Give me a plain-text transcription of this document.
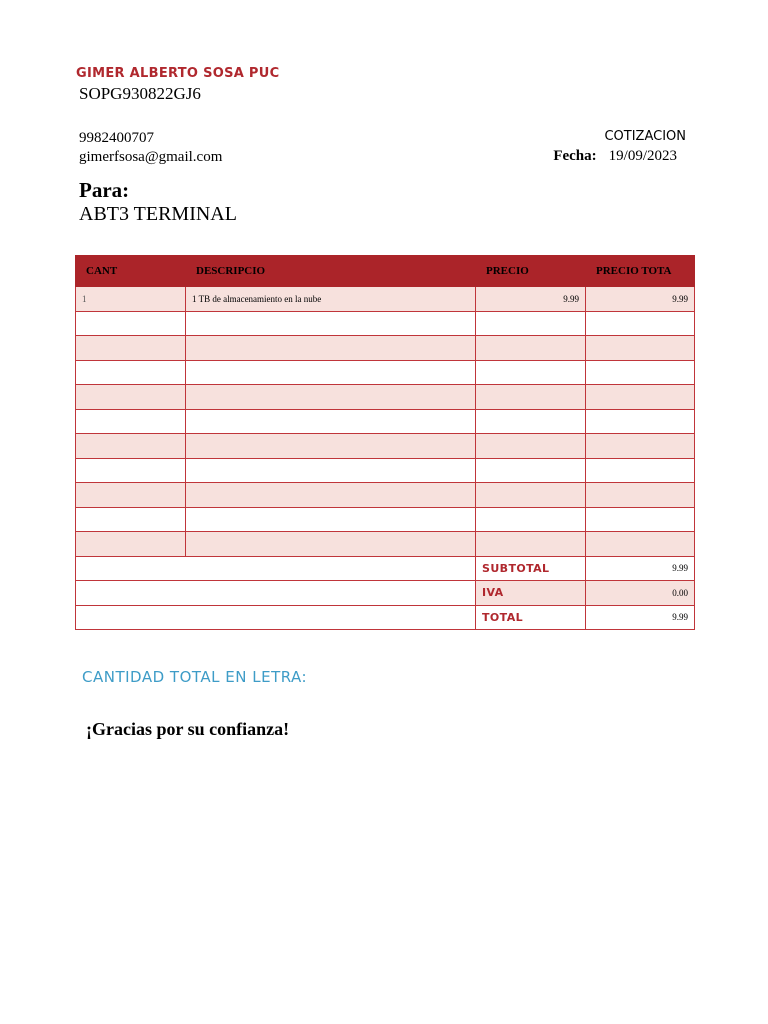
GIMER ALBERTO SOSA PUC
SOPG930822GJ6
9982400707
gimerfsosa@gmail.com
COTIZACION
Fecha: 19/09/2023
Para:
ABT3 TERMINAL
CANT	DESCRIPCIO	PRECIO	PRECIO TOTA
1	1 TB de almacenamiento en la nube	9.99	9.99

		SUBTOTAL	9.99
		IVA	0.00
		TOTAL	9.99
CANTIDAD TOTAL EN LETRA:
¡Gracias por su confianza!
